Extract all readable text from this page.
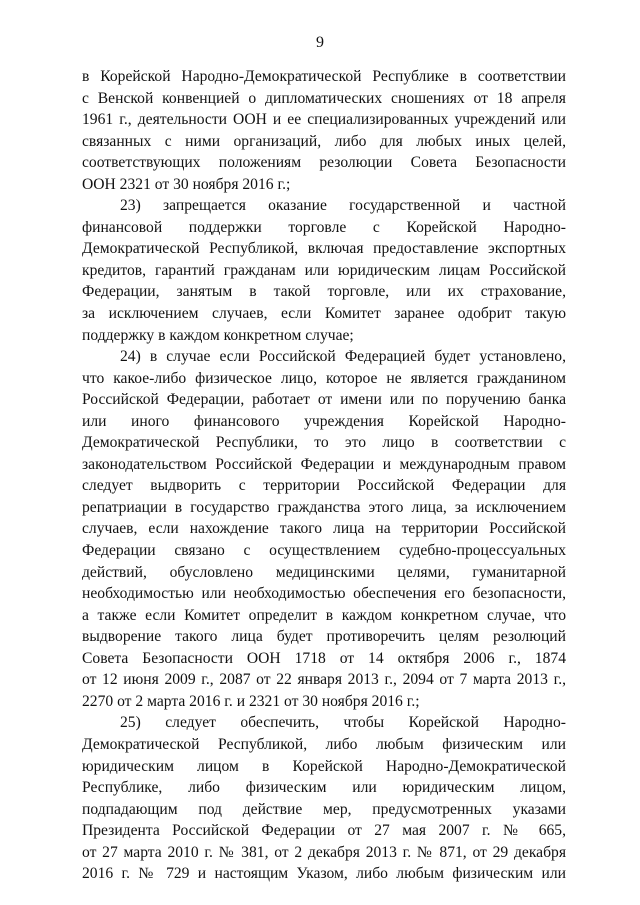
9
в Корейской Народно-Демократической Республике в соответствии
с Венской конвенцией о дипломатических сношениях от 18 апреля
1961 г., деятельности ООН и ее специализированных учреждений или
связанных с ними организаций, либо для любых иных целей,
соответствующих положениям резолюции Совета Безопасности
ООН 2321 от 30 ноября 2016 г.;
23) запрещается оказание государственной и частной
финансовой поддержки торговле с Корейской Народно-
Демократической Республикой, включая предоставление экспортных
кредитов, гарантий гражданам или юридическим лицам Российской
Федерации, занятым в такой торговле, или их страхование,
за исключением случаев, если Комитет заранее одобрит такую
поддержку в каждом конкретном случае;
24) в случае если Российской Федерацией будет установлено,
что какое-либо физическое лицо, которое не является гражданином
Российской Федерации, работает от имени или по поручению банка
или иного финансового учреждения Корейской Народно-
Демократической Республики, то это лицо в соответствии с
законодательством Российской Федерации и международным правом
следует выдворить с территории Российской Федерации для
репатриации в государство гражданства этого лица, за исключением
случаев, если нахождение такого лица на территории Российской
Федерации связано с осуществлением судебно-процессуальных
действий, обусловлено медицинскими целями, гуманитарной
необходимостью или необходимостью обеспечения его безопасности,
а также если Комитет определит в каждом конкретном случае, что
выдворение такого лица будет противоречить целям резолюций
Совета Безопасности ООН 1718 от 14 октября 2006 г., 1874
от 12 июня 2009 г., 2087 от 22 января 2013 г., 2094 от 7 марта 2013 г.,
2270 от 2 марта 2016 г. и 2321 от 30 ноября 2016 г.;
25) следует обеспечить, чтобы Корейской Народно-
Демократической Республикой, либо любым физическим или
юридическим лицом в Корейской Народно-Демократической
Республике, либо физическим или юридическим лицом,
подпадающим под действие мер, предусмотренных указами
Президента Российской Федерации от 27 мая 2007 г. № 665,
от 27 марта 2010 г. № 381, от 2 декабря 2013 г. № 871, от 29 декабря
2016 г. № 729 и настоящим Указом, либо любым физическим или
